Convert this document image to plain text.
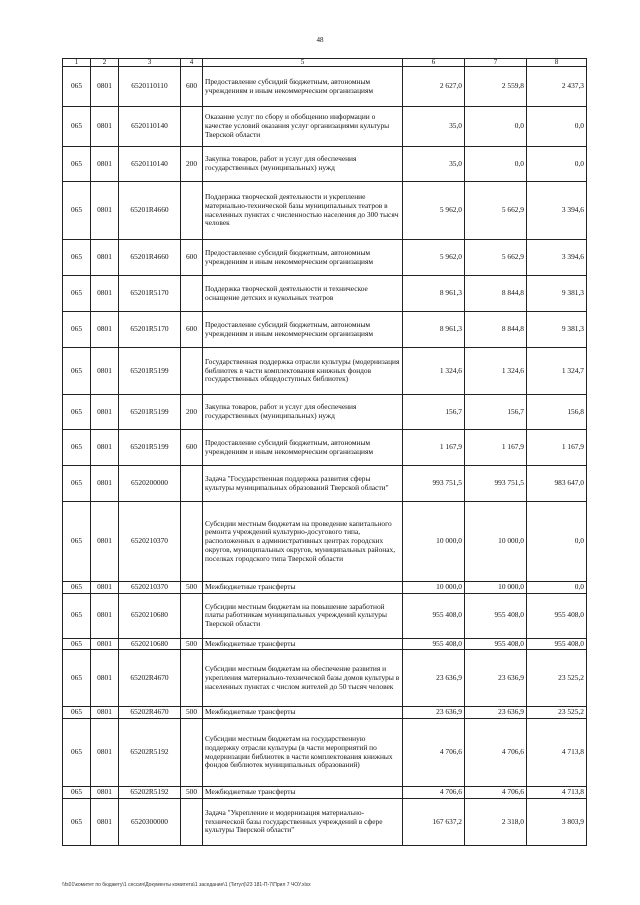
48
1	2	3	4	5	6	7	8
065	0801	6520110110	600	Предоставление субсидий бюджетным, автономным учреждениям и иным некоммерческим организациям	2 627,0	2 559,8	2 437,3
065	0801	6520110140		Оказание услуг по сбору и обобщению информации о качестве условий оказания услуг организациями культуры Тверской области	35,0	0,0	0,0
065	0801	6520110140	200	Закупка товаров, работ и услуг для обеспечения государственных (муниципальных) нужд	35,0	0,0	0,0
065	0801	65201R4660		Поддержка творческой деятельности и укрепление материально-технической базы муниципальных театров в населенных пунктах с численностью населения до 300 тысяч человек	5 962,0	5 662,9	3 394,6
065	0801	65201R4660	600	Предоставление субсидий бюджетным, автономным учреждениям и иным некоммерческим организациям	5 962,0	5 662,9	3 394,6
065	0801	65201R5170		Поддержка творческой деятельности и техническое оснащение детских и кукольных театров	8 961,3	8 844,8	9 381,3
065	0801	65201R5170	600	Предоставление субсидий бюджетным, автономным учреждениям и иным некоммерческим организациям	8 961,3	8 844,8	9 381,3
065	0801	65201R5199		Государственная поддержка отрасли культуры (модернизация библиотек в части комплектования книжных фондов государственных общедоступных библиотек)	1 324,6	1 324,6	1 324,7
065	0801	65201R5199	200	Закупка товаров, работ и услуг для обеспечения государственных (муниципальных) нужд	156,7	156,7	156,8
065	0801	65201R5199	600	Предоставление субсидий бюджетным, автономным учреждениям и иным некоммерческим организациям	1 167,9	1 167,9	1 167,9
065	0801	6520200000		Задача "Государственная поддержка развития сферы культуры муниципальных образований Тверской области"	993 751,5	993 751,5	983 647,0
065	0801	6520210370		Субсидии местным бюджетам на проведение капитального ремонта учреждений культурно-досугового типа, расположенных в административных центрах городских округов, муниципальных округов, муниципальных районах, поселках городского типа Тверской области	10 000,0	10 000,0	0,0
065	0801	6520210370	500	Межбюджетные трансферты	10 000,0	10 000,0	0,0
065	0801	6520210680		Субсидии местным бюджетам на повышение заработной платы работникам муниципальных учреждений культуры Тверской области	955 408,0	955 408,0	955 408,0
065	0801	6520210680	500	Межбюджетные трансферты	955 408,0	955 408,0	955 408,0
065	0801	65202R4670		Субсидии местным бюджетам на обеспечение развития и укрепления материально-технической базы домов культуры в населенных пунктах с числом жителей до 50 тысяч человек	23 636,9	23 636,9	23 525,2
065	0801	65202R4670	500	Межбюджетные трансферты	23 636,9	23 636,9	23 525,2
065	0801	65202R5192		Субсидии местным бюджетам на государственную поддержку отрасли культуры (в части мероприятий по модернизации библиотек в части комплектования книжных фондов библиотек муниципальных образований)	4 706,6	4 706,6	4 713,8
065	0801	65202R5192	500	Межбюджетные трансферты	4 706,6	4 706,6	4 713,8
065	0801	6520300000		Задача "Укрепление и модернизация материально-технической базы государственных учреждений в сфере культуры Тверской области"	167 637,2	2 318,0	3 803,9
\\fs01\комитет по бюджету\1 сессия\Документы комитета\1 заседание\1 (Титул)\23 181-П-7\Прил 7 ЧОУ.xlsx
